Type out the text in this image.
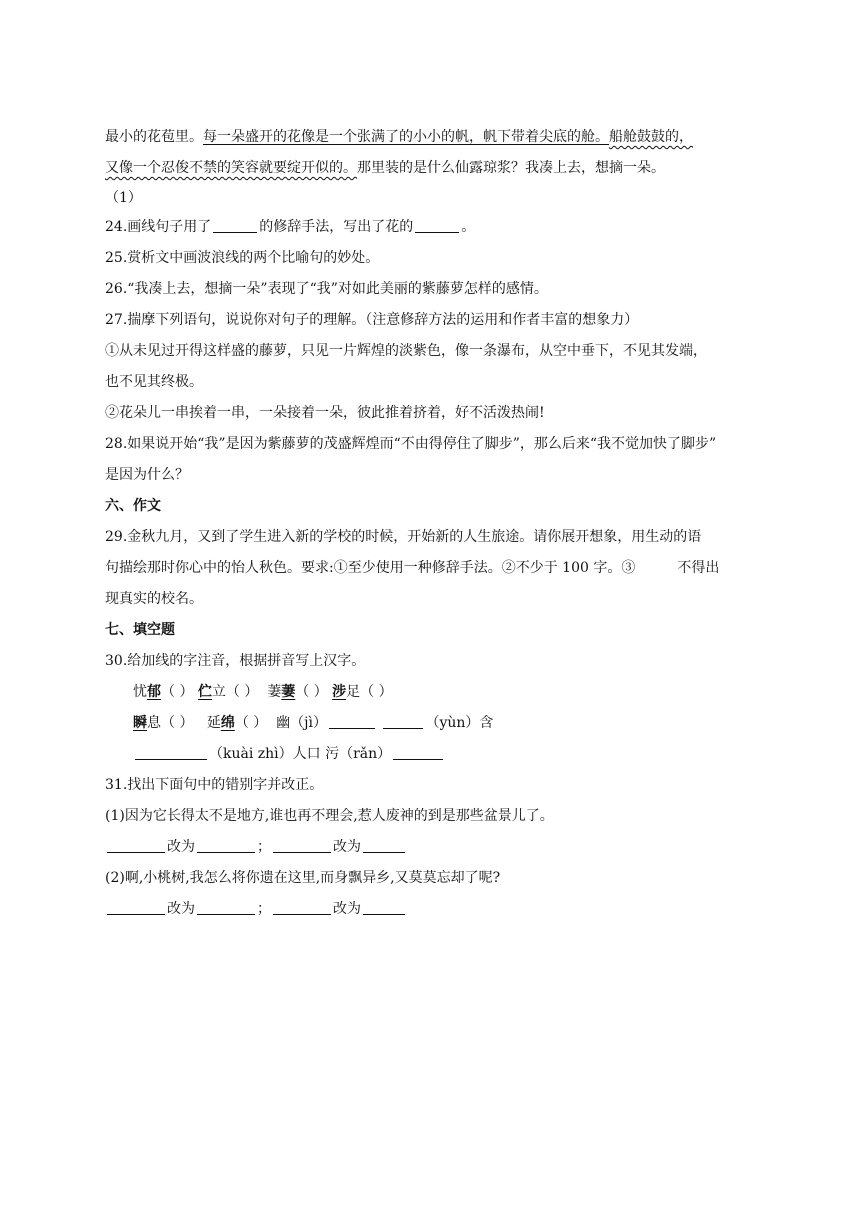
最小的花苞里。每一朵盛开的花像是一个张满了的小小的帆，帆下带着尖底的舱。船舱鼓鼓的，
又像一个忍俊不禁的笑容就要绽开似的。那里装的是什么仙露琼浆？我凑上去，想摘一朵。
（1）
24.画线句子用了	的修辞手法，写出了花的	。
25.赏析文中画波浪线的两个比喻句的妙处。
26.“我凑上去，想摘一朵”表现了“我”对如此美丽的紫藤萝怎样的感情。
27.揣摩下列语句，说说你对句子的理解。（注意修辞方法的运用和作者丰富的想象力）
①从未见过开得这样盛的藤萝，只见一片辉煌的淡紫色，像一条瀑布，从空中垂下，不见其发端，
也不见其终极。
②花朵儿一串挨着一串，一朵接着一朵，彼此推着挤着，好不活泼热闹!
28.如果说开始“我”是因为紫藤萝的茂盛辉煌而“不由得停住了脚步”，那么后来“我不觉加快了脚步”
是因为什么？
六、作文
29.金秋九月，又到了学生进入新的学校的时候，开始新的人生旅途。请你展开想象，用生动的语
句描绘那时你心中的怡人秋色。要求:①至少使用一种修辞手法。②不少于 100 字。③	不得出
现真实的校名。
七、填空题
30.给加线的字注音，根据拼音写上汉字。
忧郁（ ） 伫立（ ） 萋萋（ ） 涉足（ ）
瞬息（ ） 延绵（ ） 幽（jì）	（yùn）含
（kuài zhì）人口 污（rǎn）
31.找出下面句中的错别字并改正。
(1)因为它长得太不是地方,谁也再不理会,惹人废神的到是那些盆景儿了。
改为	；	改为
(2)啊,小桃树,我怎么将你遗在这里,而身飘异乡,又莫莫忘却了呢?
改为	；	改为
